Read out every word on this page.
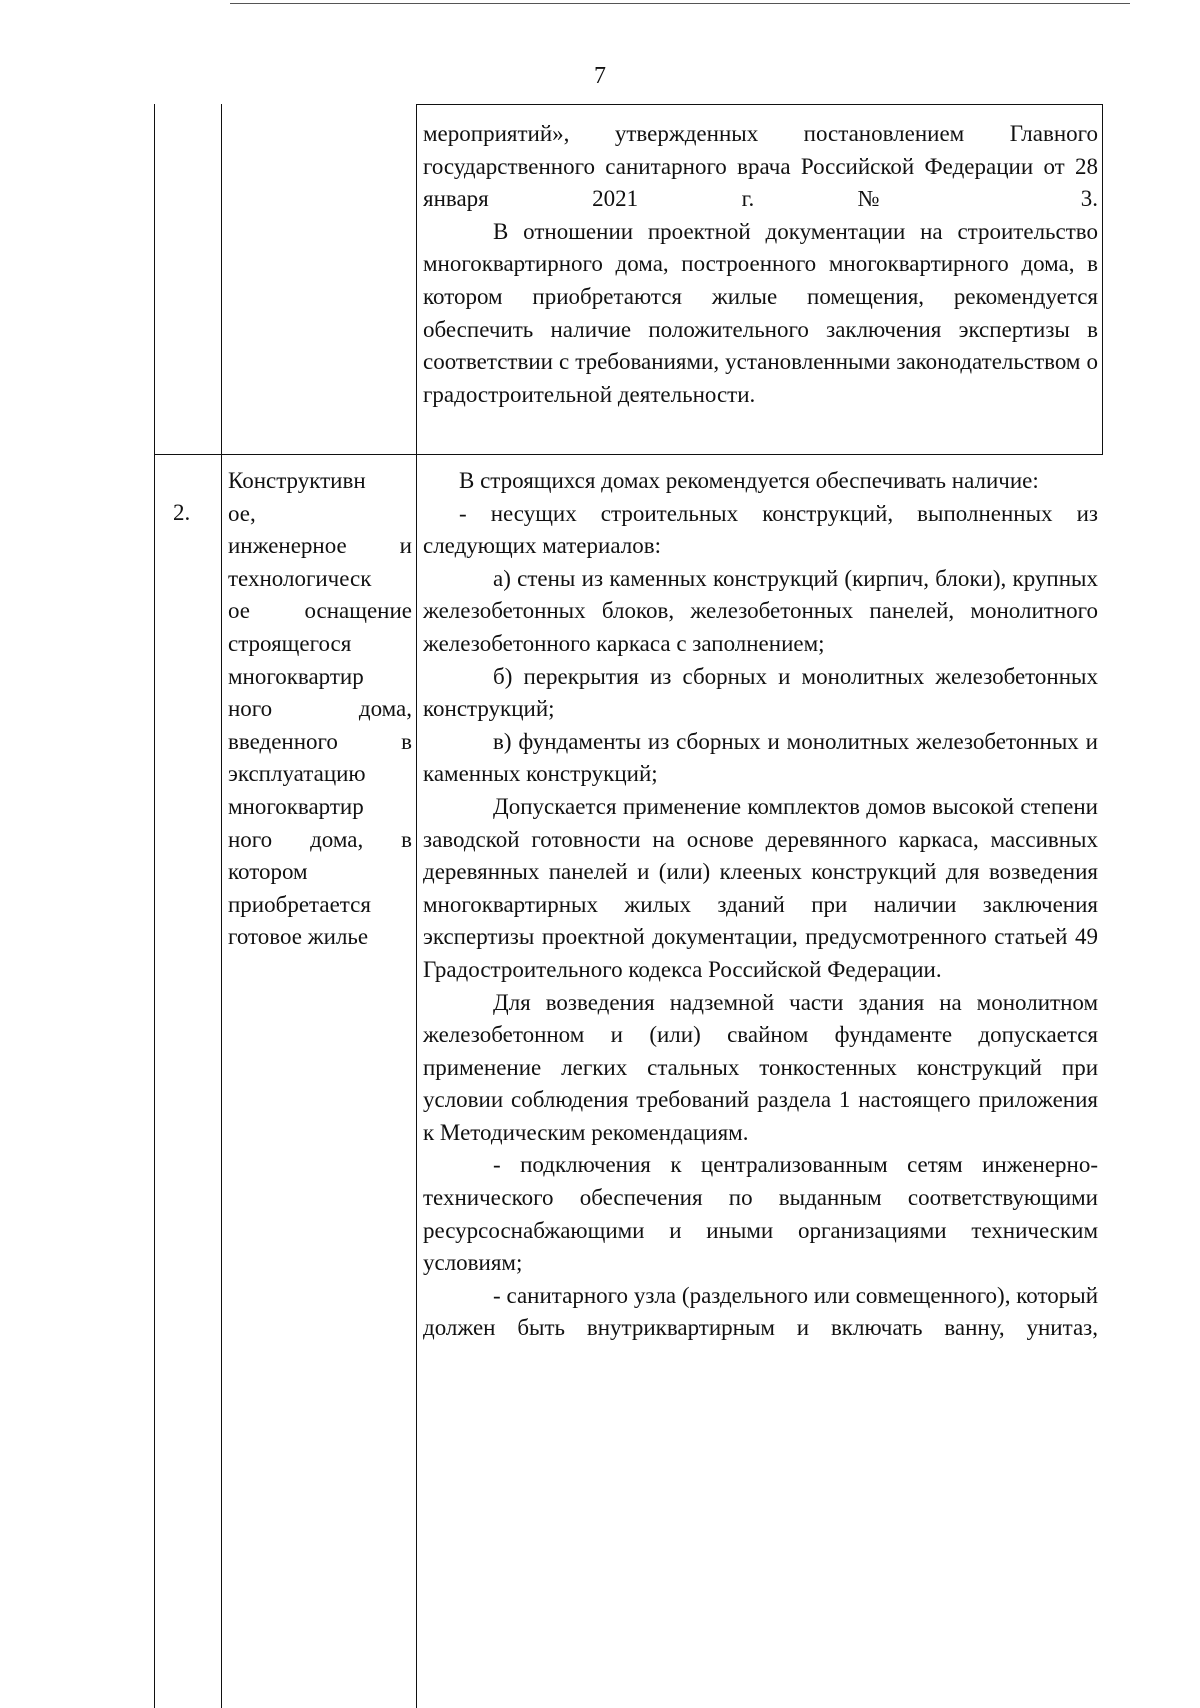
7

мероприятий», утвержденных постановлением Главного государственного санитарного врача Российской Федерации от 28 января 2021 г. № 3.

В отношении проектной документации на строительство многоквартирного дома, построенного многоквартирного дома, в котором приобретаются жилые помещения, рекомендуется обеспечить наличие положительного заключения экспертизы в соответствии с требованиями, установленными законодательством о градостроительной деятельности.

2.
Конструктивн
ое,
инженерное и
технологическ
ое оснащение
строящегося
многоквартир
ного дома,
введенного в
эксплуатацию
многоквартир
ного дома, в
котором
приобретается
готовое жилье

В строящихся домах рекомендуется обеспечивать наличие:

- несущих строительных конструкций, выполненных из следующих материалов:

а) стены из каменных конструкций (кирпич, блоки), крупных железобетонных блоков, железобетонных панелей, монолитного железобетонного каркаса с заполнением;

б) перекрытия из сборных и монолитных железобетонных конструкций;

в) фундаменты из сборных и монолитных железобетонных и каменных конструкций;

Допускается применение комплектов домов высокой степени заводской готовности на основе деревянного каркаса, массивных деревянных панелей и (или) клееных конструкций для возведения многоквартирных жилых зданий при наличии заключения экспертизы проектной документации, предусмотренного статьей 49 Градостроительного кодекса Российской Федерации.

Для возведения надземной части здания на монолитном железобетонном и (или) свайном фундаменте допускается применение легких стальных тонкостенных конструкций при условии соблюдения требований раздела 1 настоящего приложения к Методическим рекомендациям.

- подключения к централизованным сетям инженерно-технического обеспечения по выданным соответствующими ресурсоснабжающими и иными организациями техническим условиям;

- санитарного узла (раздельного или совмещенного), который должен быть внутриквартирным и включать ванну, унитаз,
